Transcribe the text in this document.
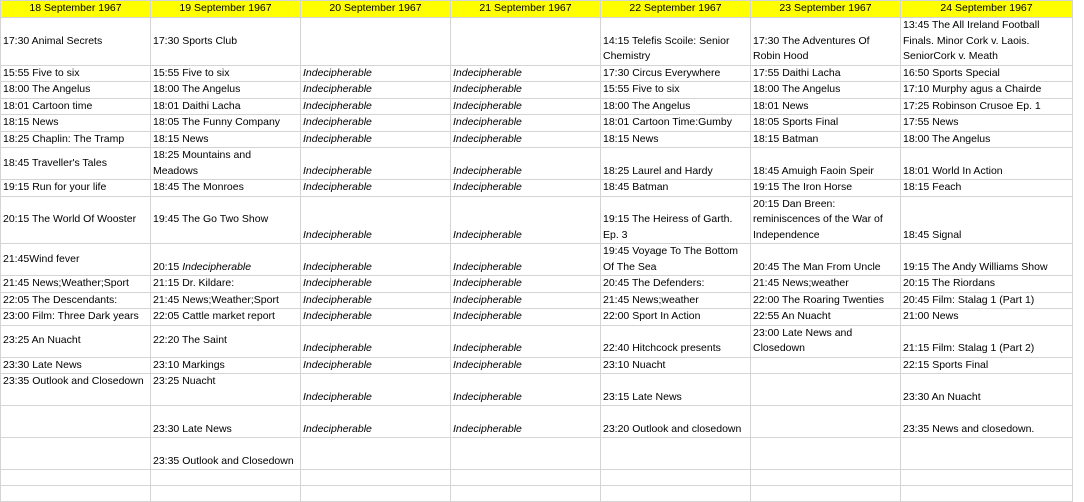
18 September 1967	19 September 1967	20 September 1967	21 September 1967	22 September 1967	23 September 1967	24 September 1967
17:30 Animal Secrets	17:30 Sports Club			14:15 Telefis Scoile: Senior Chemistry	17:30 The Adventures Of Robin Hood	13:45 The All Ireland Football Finals. Minor Cork v. Laois. SeniorCork v. Meath
15:55 Five to six	15:55 Five to six	Indecipherable	Indecipherable	17:30 Circus Everywhere	17:55 Daithi Lacha	16:50 Sports Special
18:00 The Angelus	18:00 The Angelus	Indecipherable	Indecipherable	15:55 Five to six	18:00 The Angelus	17:10 Murphy agus a Chairde
18:01 Cartoon time	18:01 Daithi Lacha	Indecipherable	Indecipherable	18:00 The Angelus	18:01 News	17:25 Robinson Crusoe Ep. 1
18:15 News	18:05 The Funny Company	Indecipherable	Indecipherable	18:01 Cartoon Time:Gumby	18:05 Sports Final	17:55 News
18:25 Chaplin: The Tramp	18:15 News	Indecipherable	Indecipherable	18:15 News	18:15 Batman	18:00 The Angelus
18:45 Traveller's Tales	18:25 Mountains and Meadows	Indecipherable	Indecipherable	18:25 Laurel and Hardy	18:45 Amuigh Faoin Speir	18:01 World In Action
19:15 Run for your life	18:45 The Monroes	Indecipherable	Indecipherable	18:45 Batman	19:15 The Iron Horse	18:15 Feach
20:15 The World Of Wooster	19:45 The Go Two Show	Indecipherable	Indecipherable	19:15 The Heiress of Garth. Ep. 3	20:15 Dan Breen: reminiscences of the War of Independence	18:45 Signal
21:45Wind fever	20:15 Indecipherable	Indecipherable	Indecipherable	19:45 Voyage To The Bottom Of The Sea	20:45 The Man From Uncle	19:15 The Andy Williams Show
21:45 News;Weather;Sport	21:15 Dr. Kildare:	Indecipherable	Indecipherable	20:45 The Defenders:	21:45 News;weather	20:15 The Riordans
22:05 The Descendants:	21:45 News;Weather;Sport	Indecipherable	Indecipherable	21:45 News;weather	22:00 The Roaring Twenties	20:45 Film: Stalag 1 (Part 1)
23:00 Film: Three Dark years	22:05 Cattle market report	Indecipherable	Indecipherable	22:00 Sport In Action	22:55 An Nuacht	21:00 News
23:25 An Nuacht	22:20 The Saint	Indecipherable	Indecipherable	22:40 Hitchcock presents	23:00 Late News and Closedown	21:15 Film: Stalag 1 (Part 2)
23:30 Late News	23:10 Markings	Indecipherable	Indecipherable	23:10 Nuacht		22:15 Sports Final
23:35 Outlook and Closedown	23:25 Nuacht	Indecipherable	Indecipherable	23:15 Late News		23:30 An Nuacht
	23:30 Late News	Indecipherable	Indecipherable	23:20 Outlook and closedown		23:35 News and closedown.
	23:35 Outlook and Closedown					
